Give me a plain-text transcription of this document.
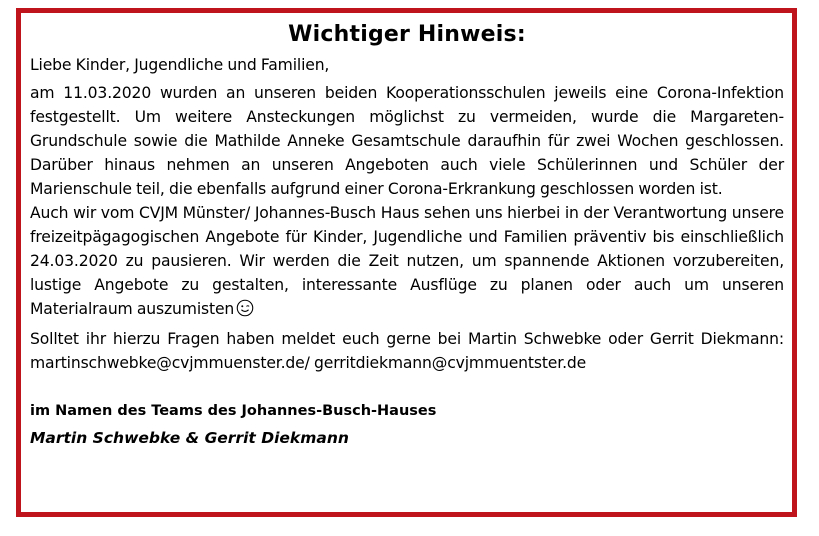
Wichtiger Hinweis:

Liebe Kinder, Jugendliche und Familien,

am 11.03.2020 wurden an unseren beiden Kooperationsschulen jeweils eine Corona-Infektion festgestellt. Um weitere Ansteckungen möglichst zu vermeiden, wurde die Margareten-Grundschule sowie die Mathilde Anneke Gesamtschule daraufhin für zwei Wochen geschlossen. Darüber hinaus nehmen an unseren Angeboten auch viele Schülerinnen und Schüler der Marienschule teil, die ebenfalls aufgrund einer Corona-Erkrankung geschlossen worden ist.

Auch wir vom CVJM Münster/ Johannes-Busch Haus sehen uns hierbei in der Verantwortung unsere freizeitpägagogischen Angebote für Kinder, Jugendliche und Familien präventiv bis einschließlich 24.03.2020 zu pausieren. Wir werden die Zeit nutzen, um spannende Aktionen vorzubereiten, lustige Angebote zu gestalten, interessante Ausflüge zu planen oder auch um unseren Materialraum auszumisten

Solltet ihr hierzu Fragen haben meldet euch gerne bei Martin Schwebke oder Gerrit Diekmann: martinschwebke@cvjmmuenster.de/ gerritdiekmann@cvjmmuentster.de

im Namen des Teams des Johannes-Busch-Hauses

Martin Schwebke & Gerrit Diekmann
